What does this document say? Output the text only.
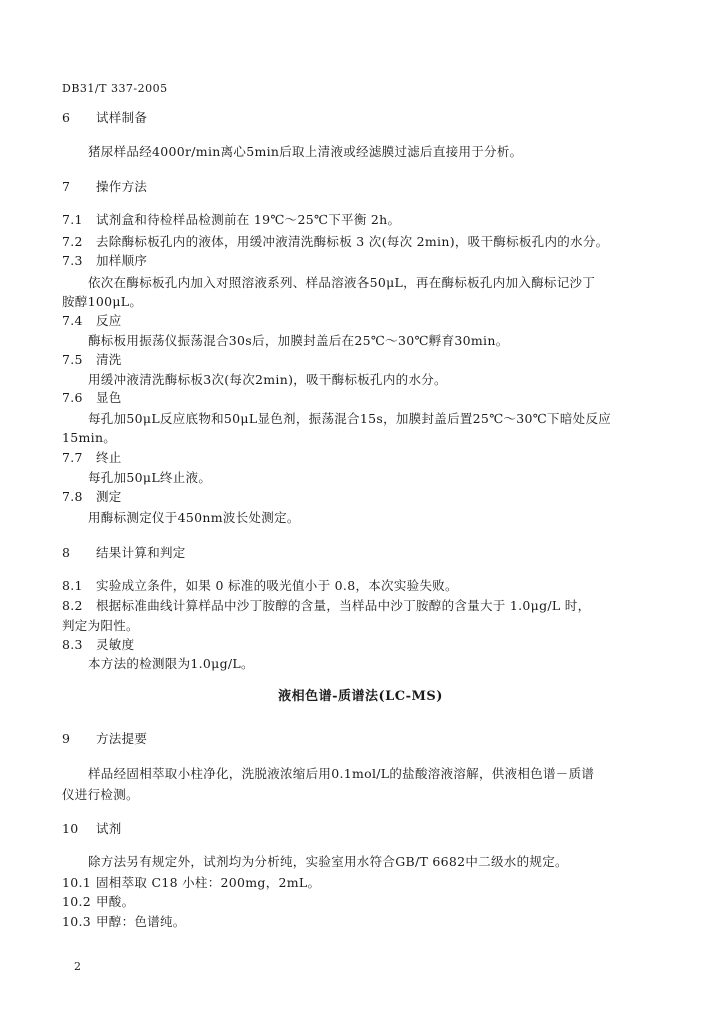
DB31/T 337-2005
6 试样制备
猪尿样品经4000r/min离心5min后取上清液或经滤膜过滤后直接用于分析。
7 操作方法
7.1 试剂盒和待检样品检测前在 19℃～25℃下平衡 2h。
7.2 去除酶标板孔内的液体，用缓冲液清洗酶标板 3 次(每次 2min)，吸干酶标板孔内的水分。
7.3 加样顺序
依次在酶标板孔内加入对照溶液系列、样品溶液各50μL，再在酶标板孔内加入酶标记沙丁
胺醇100μL。
7.4 反应
酶标板用振荡仪振荡混合30s后，加膜封盖后在25℃～30℃孵育30min。
7.5 清洗
用缓冲液清洗酶标板3次(每次2min)，吸干酶标板孔内的水分。
7.6 显色
每孔加50μL反应底物和50μL显色剂，振荡混合15s，加膜封盖后置25℃～30℃下暗处反应
15min。
7.7 终止
每孔加50μL终止液。
7.8 测定
用酶标测定仪于450nm波长处测定。
8 结果计算和判定
8.1 实验成立条件，如果 0 标准的吸光值小于 0.8，本次实验失败。
8.2 根据标准曲线计算样品中沙丁胺醇的含量，当样品中沙丁胺醇的含量大于 1.0μg/L 时，
判定为阳性。
8.3 灵敏度
本方法的检测限为1.0μg/L。
液相色谱-质谱法(LC-MS)
9 方法提要
样品经固相萃取小柱净化，洗脱液浓缩后用0.1mol/L的盐酸溶液溶解，供液相色谱－质谱
仪进行检测。
10 试剂
除方法另有规定外，试剂均为分析纯，实验室用水符合GB/T 6682中二级水的规定。
10.1 固相萃取 C18 小柱：200mg，2mL。
10.2 甲酸。
10.3 甲醇：色谱纯。
2
